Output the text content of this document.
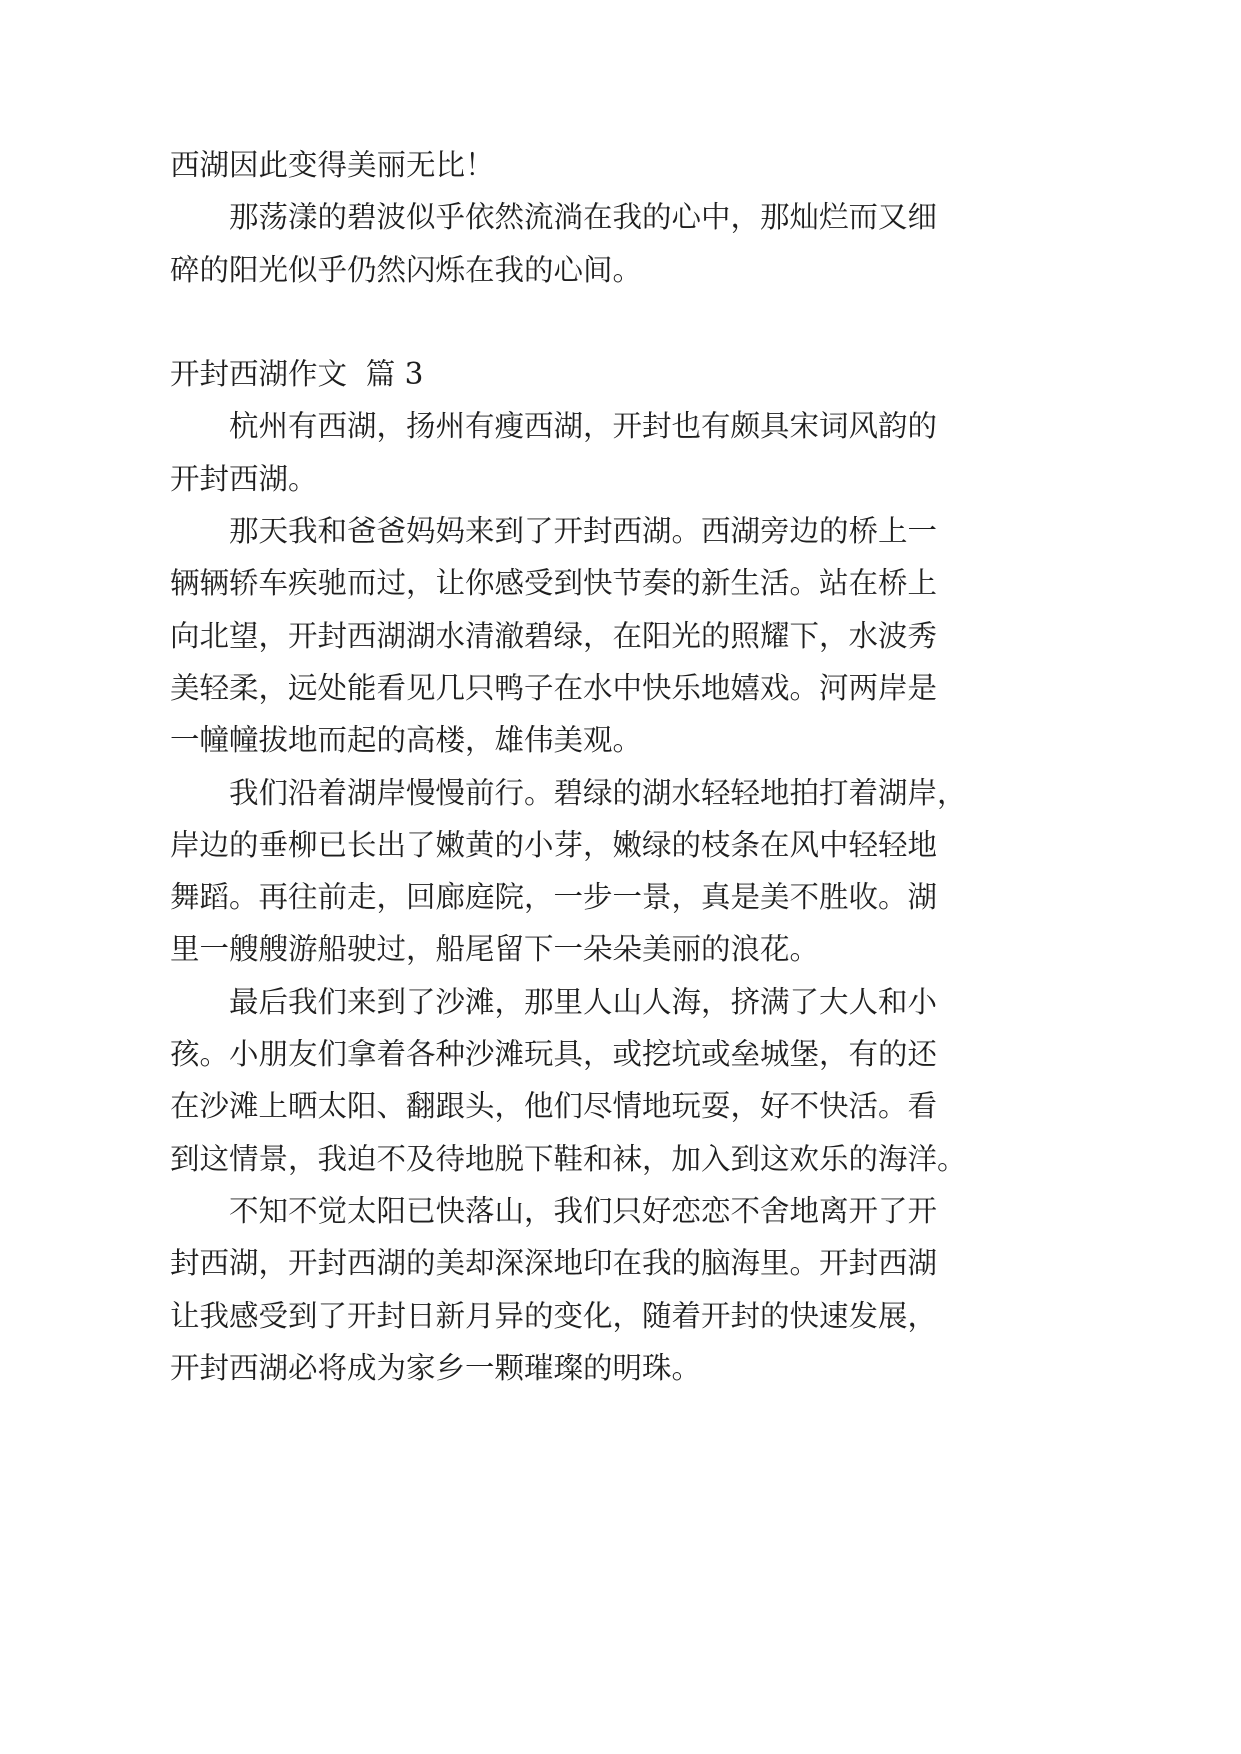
西湖因此变得美丽无比！
那荡漾的碧波似乎依然流淌在我的心中，那灿烂而又细
碎的阳光似乎仍然闪烁在我的心间。
开封西湖作文  篇 3
杭州有西湖，扬州有瘦西湖，开封也有颇具宋词风韵的
开封西湖。
那天我和爸爸妈妈来到了开封西湖。西湖旁边的桥上一
辆辆轿车疾驰而过，让你感受到快节奏的新生活。站在桥上
向北望，开封西湖湖水清澈碧绿，在阳光的照耀下，水波秀
美轻柔，远处能看见几只鸭子在水中快乐地嬉戏。河两岸是
一幢幢拔地而起的高楼，雄伟美观。
我们沿着湖岸慢慢前行。碧绿的湖水轻轻地拍打着湖岸，
岸边的垂柳已长出了嫩黄的小芽，嫩绿的枝条在风中轻轻地
舞蹈。再往前走，回廊庭院，一步一景，真是美不胜收。湖
里一艘艘游船驶过，船尾留下一朵朵美丽的浪花。
最后我们来到了沙滩，那里人山人海，挤满了大人和小
孩。小朋友们拿着各种沙滩玩具，或挖坑或垒城堡，有的还
在沙滩上晒太阳、翻跟头，他们尽情地玩耍，好不快活。看
到这情景，我迫不及待地脱下鞋和袜，加入到这欢乐的海洋。
不知不觉太阳已快落山，我们只好恋恋不舍地离开了开
封西湖，开封西湖的美却深深地印在我的脑海里。开封西湖
让我感受到了开封日新月异的变化，随着开封的快速发展，
开封西湖必将成为家乡一颗璀璨的明珠。
